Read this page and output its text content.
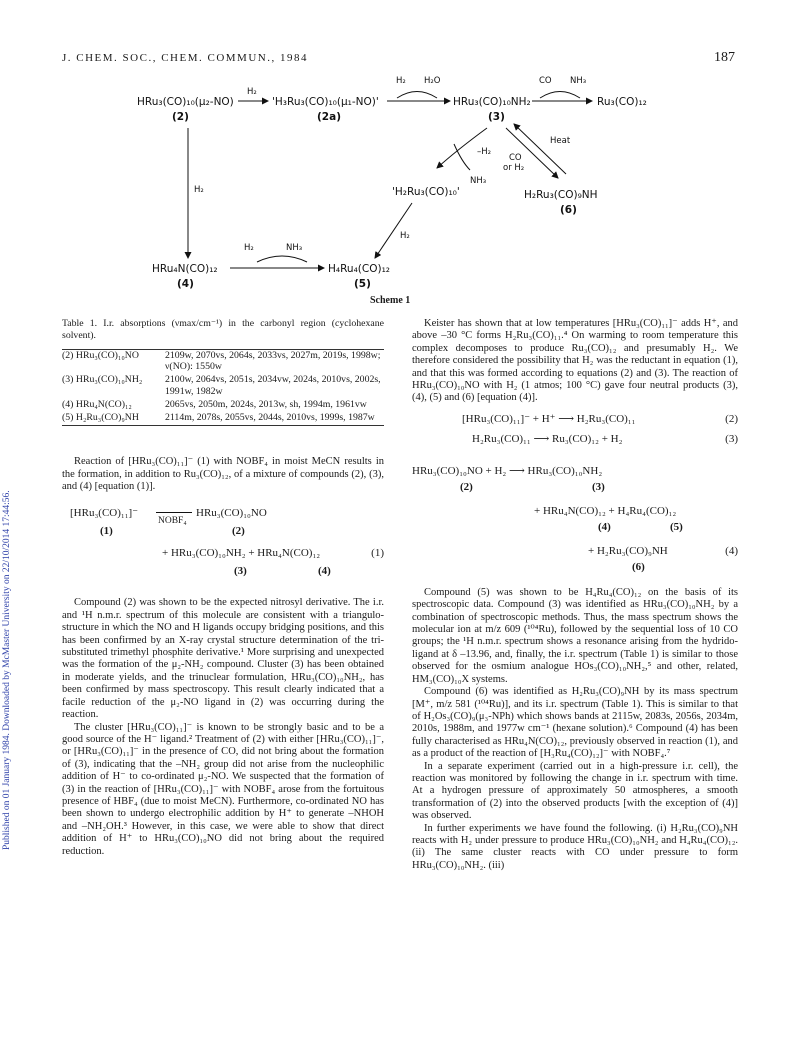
Published on 01 January 1984. Downloaded by McMaster University on 22/10/2014 17:44:56.
J. CHEM. SOC., CHEM. COMMUN., 1984	187
HRu₃(CO)₁₀(μ₂-NO)
(2)
H₂
'H₃Ru₃(CO)₁₀(μ₁-NO)'
(2a)
H₂ H₂O
HRu₃(CO)₁₀NH₂
(3)
CO NH₃
Ru₃(CO)₁₂
H₂
–H₂
NH₃
'H₂Ru₃(CO)₁₀'
Heat
CO
or H₂
H₂Ru₃(CO)₉NH
(6)
H₂
HRu₄N(CO)₁₂
(4)
H₂	NH₃
H₄Ru₄(CO)₁₂
(5)
Scheme 1

Table 1. I.r. absorptions (νmax/cm⁻¹) in the carbonyl region (cyclohexane solvent).

(2) HRu₃(CO)₁₀NO	2109w, 2070vs, 2064s, 2033vs, 2027m, 2019s, 1998w; ν(NO): 1550w
(3) HRu₃(CO)₁₀NH₂	2100w, 2064vs, 2051s, 2034vw, 2024s, 2010vs, 2002s, 1991w, 1982w
(4) HRu₄N(CO)₁₂	2065vs, 2050m, 2024s, 2013w, sh, 1994m, 1961vw
(5) H₂Ru₃(CO)₉NH	2114m, 2078s, 2055vs, 2044s, 2010vs, 1999s, 1987w

Reaction of [HRu₃(CO)₁₁]⁻ (1) with NOBF₄ in moist MeCN results in the formation, in addition to Ru₃(CO)₁₂, of a mixture of compounds (2), (3), and (4) [equation (1)].

[HRu₃(CO)₁₁]⁻
NOBF₄
HRu₃(CO)₁₀NO
(1)	(2)
+ HRu₃(CO)₁₀NH₂ + HRu₄N(CO)₁₂	(1)
(3)	(4)

Compound (2) was shown to be the expected nitrosyl derivative. The i.r. and ¹H n.m.r. spectrum of this molecule are consistent with a triangulo-structure in which the NO and H ligands occupy bridging positions, and this has been confirmed by an X-ray crystal structure determination of the tri-substituted trimethyl phosphite derivative.¹ More surprising and unexpected was the formation of the μ₂-NH₂ compound. Cluster (3) has been obtained in moderate yields, and the trinuclear formulation, HRu₃(CO)₁₀NH₂, has been confirmed by mass spectroscopy. This result clearly indicated that a facile reduction of the μ₂-NO ligand in (2) was occurring during the reaction.

The cluster [HRu₃(CO)₁₁]⁻ is known to be strongly basic and to be a good source of the H⁻ ligand.² Treatment of (2) with either [HRu₃(CO)₁₁]⁻, or [HRu₃(CO)₁₁]⁻ in the presence of CO, did not bring about the formation of (3), indicating that the –NH₂ group did not arise from the nucleophilic addition of H⁻ to co-ordinated μ₂-NO. We suspected that the formation of (3) in the reaction of [HRu₃(CO)₁₁]⁻ with NOBF₄ arose from the fortuitous presence of HBF₄ (due to moist MeCN). Furthermore, co-ordinated NO has been shown to undergo electrophilic addition by H⁺ to generate –NHOH and –NH₂OH.³ However, in this case, we were able to show that direct addition of H⁺ to HRu₃(CO)₁₀NO did not bring about the required reduction.

Keister has shown that at low temperatures [HRu₃(CO)₁₁]⁻ adds H⁺, and above –30 °C forms H₂Ru₃(CO)₁₁.⁴ On warming to room temperature this complex decomposes to produce Ru₃(CO)₁₂ and presumably H₂. We therefore considered the possibility that H₂ was the reductant in equation (1), and that this was formed according to equations (2) and (3). The reaction of HRu₃(CO)₁₀NO with H₂ (1 atmos; 100 °C) gave four neutral products (3), (4), (5) and (6) [equation (4)].

[HRu₃(CO)₁₁]⁻ + H⁺ ⟶ H₂Ru₃(CO)₁₁	(2)
H₂Ru₃(CO)₁₁ ⟶ Ru₃(CO)₁₂ + H₂	(3)
HRu₃(CO)₁₀NO + H₂ ⟶ HRu₃(CO)₁₀NH₂
(2)	(3)
+ HRu₄N(CO)₁₂ + H₄Ru₄(CO)₁₂
(4)	(5)
+ H₂Ru₃(CO)₉NH	(4)
(6)

Compound (5) was shown to be H₄Ru₄(CO)₁₂ on the basis of its spectroscopic data. Compound (3) was identified as HRu₃(CO)₁₀NH₂ by a combination of spectroscopic methods. Thus, the mass spectrum shows the molecular ion at m/z 609 (¹⁰⁴Ru), followed by the sequential loss of 10 CO groups; the ¹H n.m.r. spectrum shows a resonance arising from the hydrido-ligand at δ –13.96, and, finally, the i.r. spectrum (Table 1) is similar to those observed for the osmium analogue HOs₃(CO)₁₀NH₂,⁵ and other, related, HM₃(CO)₁₀X systems.

Compound (6) was identified as H₂Ru₃(CO)₉NH by its mass spectrum [M⁺, m/z 581 (¹⁰⁴Ru)], and its i.r. spectrum (Table 1). This is similar to that of H₂Os₃(CO)₉(μ₃-NPh) which shows bands at 2115w, 2083s, 2056s, 2034m, 2010s, 1988m, and 1977w cm⁻¹ (hexane solution).⁶ Compound (4) has been fully characterised as HRu₄N(CO)₁₂, previously observed in reaction (1), and as a product of the reaction of [H₃Ru₄(CO)₁₂]⁻ with NOBF₄.⁷

In a separate experiment (carried out in a high-pressure i.r. cell), the reaction was monitored by following the change in i.r. spectrum with time. At a hydrogen pressure of approximately 50 atmospheres, a smooth transformation of (2) into the observed products [with the exception of (4)] was observed.

In further experiments we have found the following. (i) H₂Ru₃(CO)₉NH reacts with H₂ under pressure to produce HRu₃(CO)₁₀NH₂ and H₄Ru₄(CO)₁₂. (ii) The same cluster reacts with CO under pressure to form HRu₃(CO)₁₀NH₂. (iii)
